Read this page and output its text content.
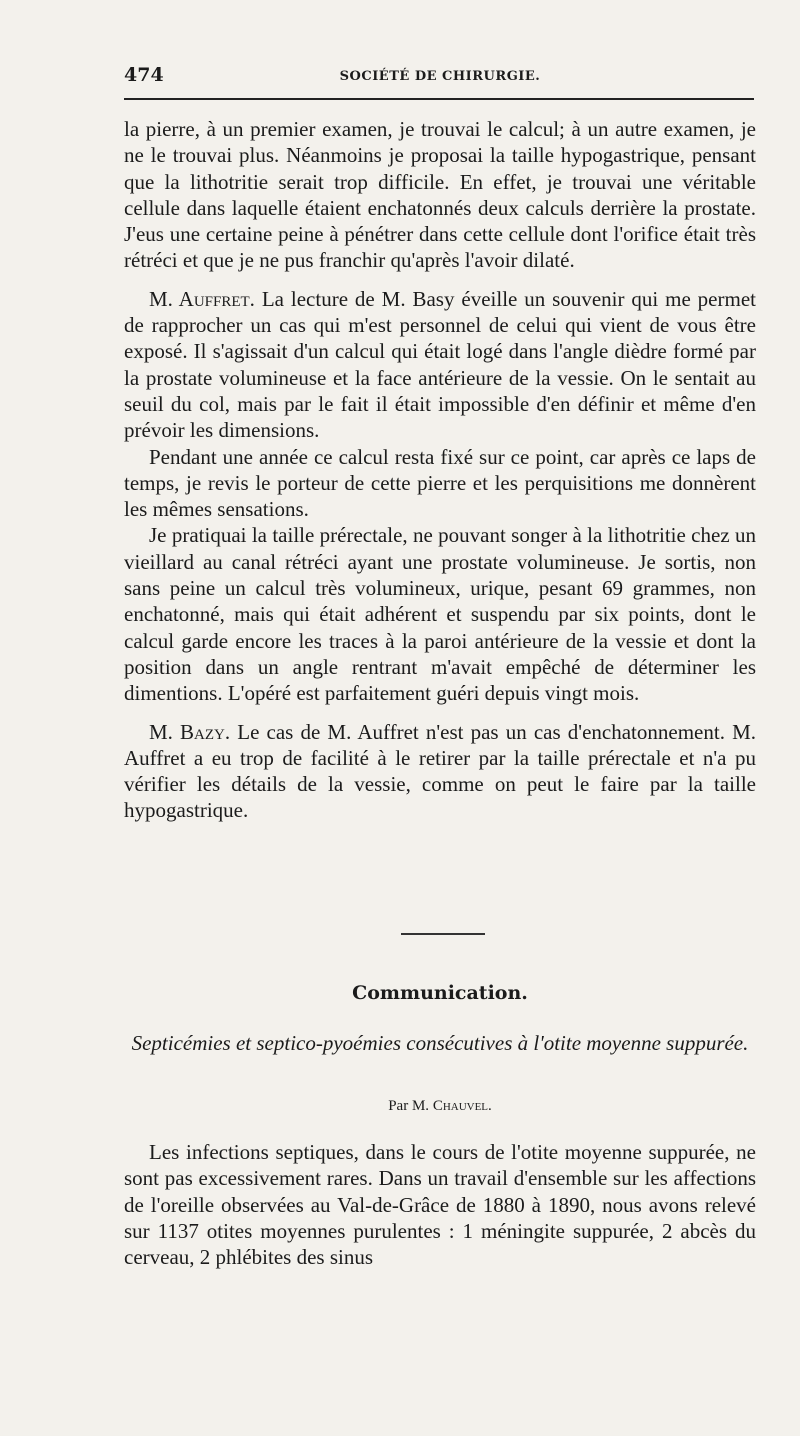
474	SOCIÉTÉ DE CHIRURGIE.

la pierre, à un premier examen, je trouvai le calcul; à un autre examen, je ne le trouvai plus. Néanmoins je proposai la taille hypogastrique, pensant que la lithotritie serait trop difficile. En effet, je trouvai une véritable cellule dans laquelle étaient enchatonnés deux calculs derrière la prostate. J'eus une certaine peine à pénétrer dans cette cellule dont l'orifice était très rétréci et que je ne pus franchir qu'après l'avoir dilaté.

M. Auffret. La lecture de M. Basy éveille un souvenir qui me permet de rapprocher un cas qui m'est personnel de celui qui vient de vous être exposé. Il s'agissait d'un calcul qui était logé dans l'angle dièdre formé par la prostate volumineuse et la face antérieure de la vessie. On le sentait au seuil du col, mais par le fait il était impossible d'en définir et même d'en prévoir les dimensions.

Pendant une année ce calcul resta fixé sur ce point, car après ce laps de temps, je revis le porteur de cette pierre et les perquisitions me donnèrent les mêmes sensations.

Je pratiquai la taille prérectale, ne pouvant songer à la lithotritie chez un vieillard au canal rétréci ayant une prostate volumineuse. Je sortis, non sans peine un calcul très volumineux, urique, pesant 69 grammes, non enchatonné, mais qui était adhérent et suspendu par six points, dont le calcul garde encore les traces à la paroi antérieure de la vessie et dont la position dans un angle rentrant m'avait empêché de déterminer les dimentions. L'opéré est parfaitement guéri depuis vingt mois.

M. Bazy. Le cas de M. Auffret n'est pas un cas d'enchatonnement. M. Auffret a eu trop de facilité à le retirer par la taille prérectale et n'a pu vérifier les détails de la vessie, comme on peut le faire par la taille hypogastrique.

Communication.
Septicémies et septico-pyoémies consécutives à l'otite moyenne suppurée.
Par M. Chauvel.

Les infections septiques, dans le cours de l'otite moyenne suppurée, ne sont pas excessivement rares. Dans un travail d'ensemble sur les affections de l'oreille observées au Val-de-Grâce de 1880 à 1890, nous avons relevé sur 1137 otites moyennes purulentes : 1 méningite suppurée, 2 abcès du cerveau, 2 phlébites des sinus
